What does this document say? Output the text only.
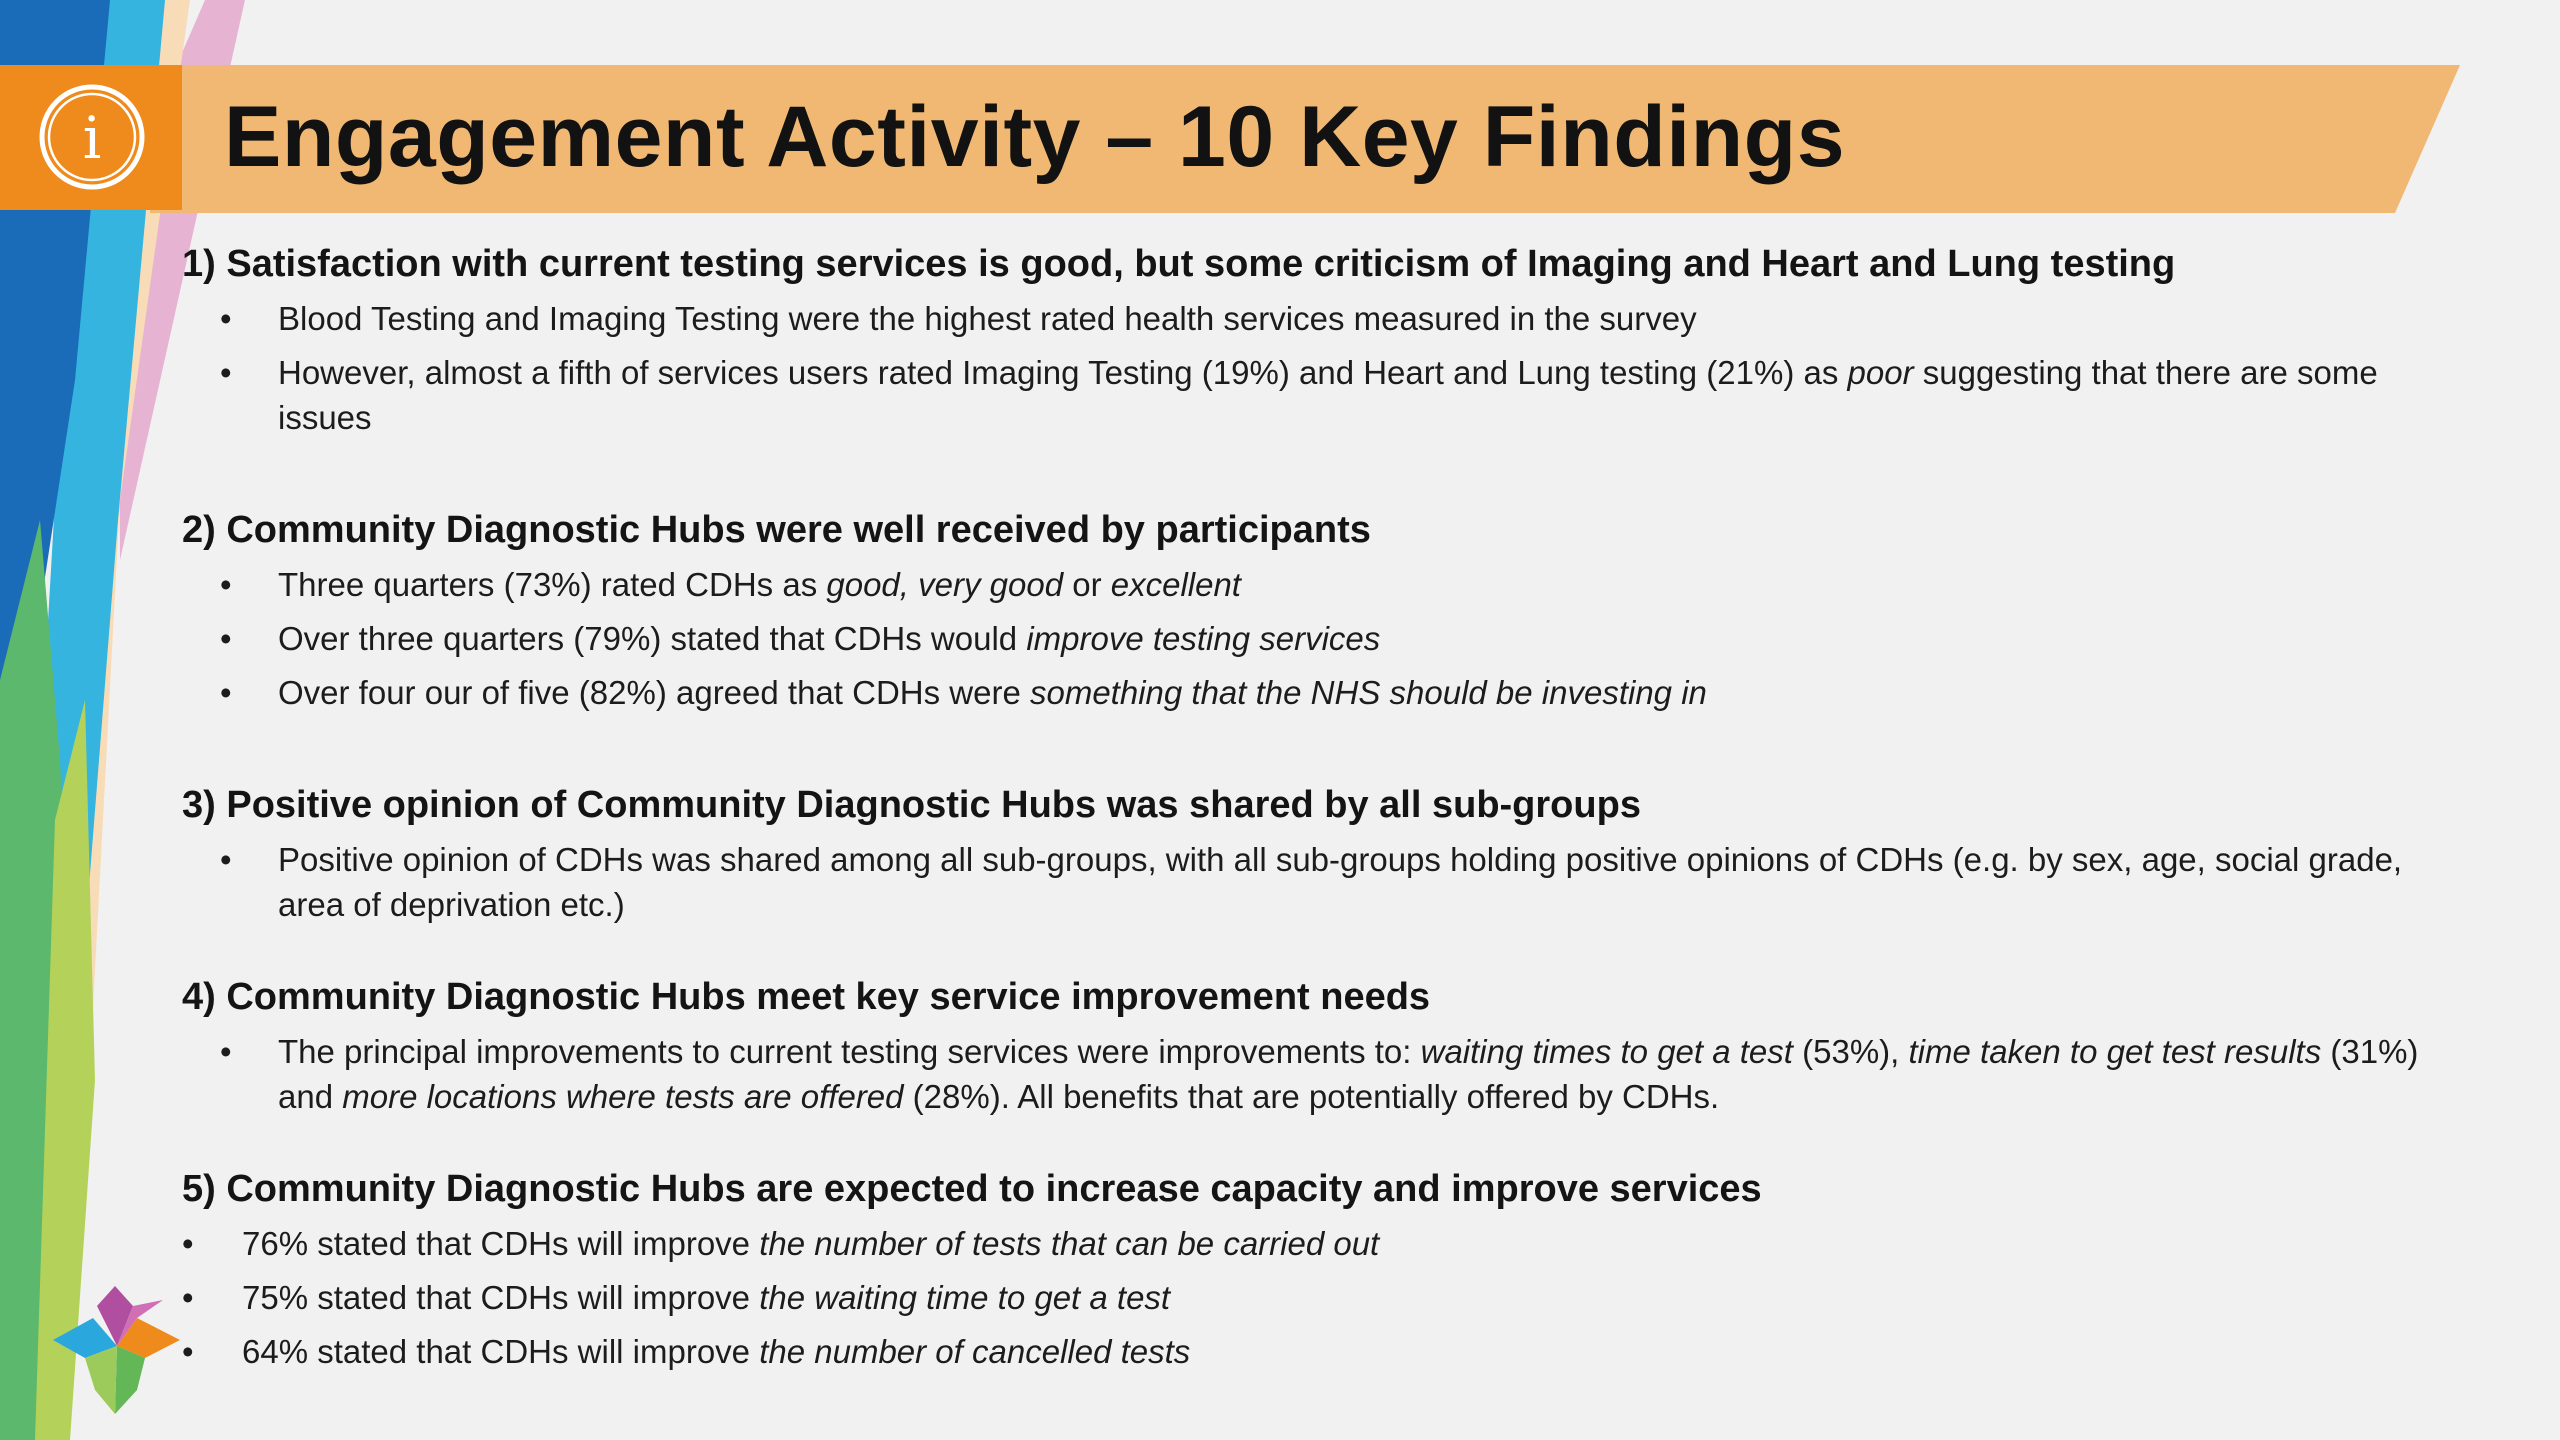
i Engagement Activity – 10 Key Findings
1) Satisfaction with current testing services is good, but some criticism of Imaging and Heart and Lung testing
• Blood Testing and Imaging Testing were the highest rated health services measured in the survey
• However, almost a fifth of services users rated Imaging Testing (19%) and Heart and Lung testing (21%) as poor suggesting that there are some issues
2) Community Diagnostic Hubs were well received by participants
• Three quarters (73%) rated CDHs as good, very good or excellent
• Over three quarters (79%) stated that CDHs would improve testing services
• Over four our of five (82%) agreed that CDHs were something that the NHS should be investing in
3) Positive opinion of Community Diagnostic Hubs was shared by all sub-groups
• Positive opinion of CDHs was shared among all sub-groups, with all sub-groups holding positive opinions of CDHs (e.g. by sex, age, social grade, area of deprivation etc.)
4) Community Diagnostic Hubs meet key service improvement needs
• The principal improvements to current testing services were improvements to: waiting times to get a test (53%), time taken to get test results (31%) and more locations where tests are offered (28%). All benefits that are potentially offered by CDHs.
5) Community Diagnostic Hubs are expected to increase capacity and improve services
• 76% stated that CDHs will improve the number of tests that can be carried out
• 75% stated that CDHs will improve the waiting time to get a test
• 64% stated that CDHs will improve the number of cancelled tests
